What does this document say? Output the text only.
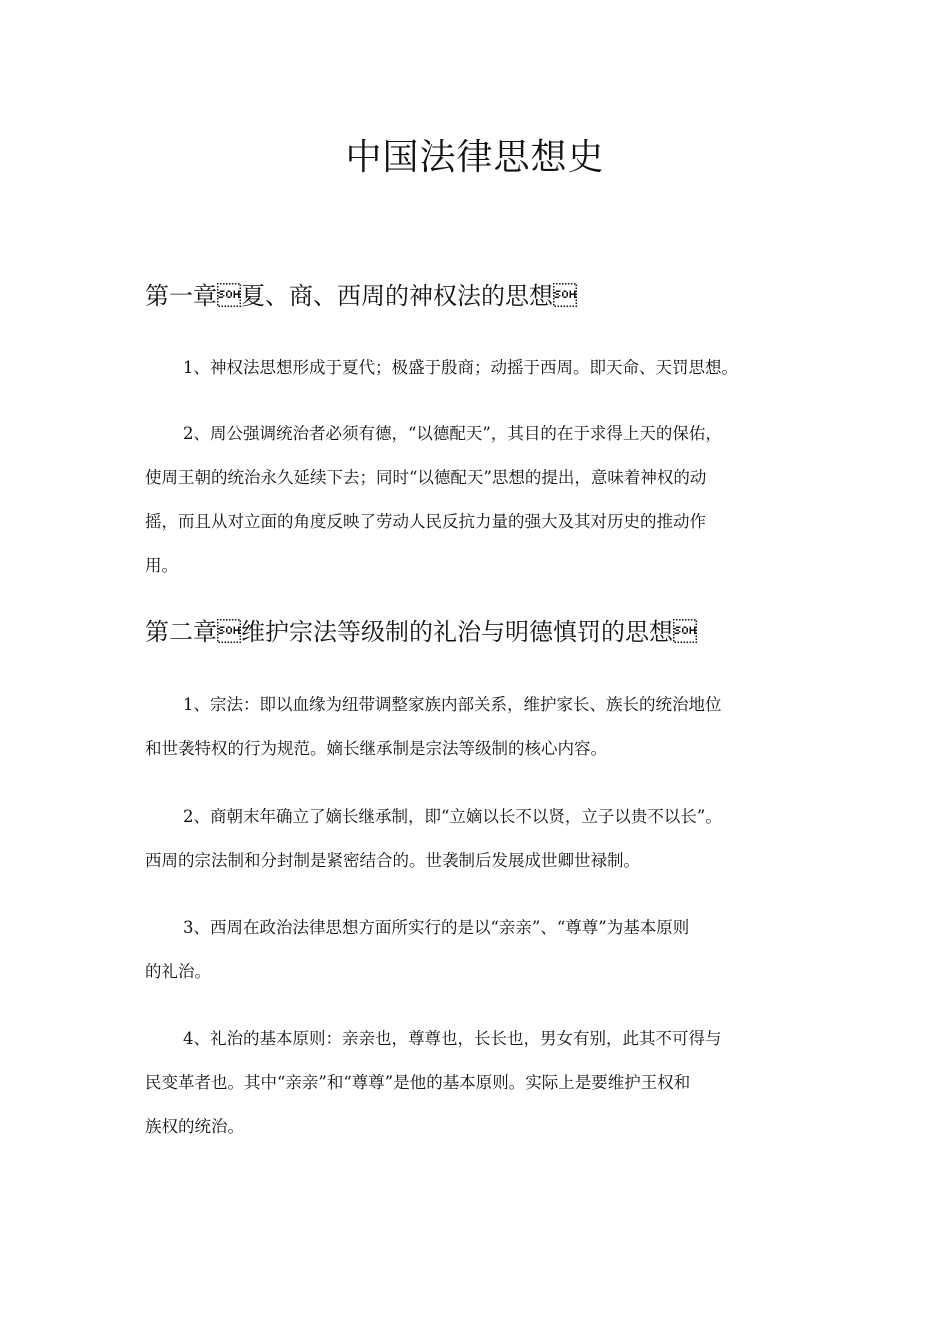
中国法律思想史
第一章夏、商、西周的神权法的思想
1、神权法思想形成于夏代；极盛于殷商；动摇于西周。即天命、天罚思想。
2、周公强调统治者必须有德，“以德配天”，其目的在于求得上天的保佑，
使周王朝的统治永久延续下去；同时“以德配天”思想的提出，意味着神权的动
摇，而且从对立面的角度反映了劳动人民反抗力量的强大及其对历史的推动作
用。
第二章维护宗法等级制的礼治与明德慎罚的思想
1、宗法：即以血缘为纽带调整家族内部关系，维护家长、族长的统治地位
和世袭特权的行为规范。嫡长继承制是宗法等级制的核心内容。
2、商朝末年确立了嫡长继承制，即“立嫡以长不以贤，立子以贵不以长”。
西周的宗法制和分封制是紧密结合的。世袭制后发展成世卿世禄制。
3、西周在政治法律思想方面所实行的是以“亲亲”、“尊尊”为基本原则
的礼治。
4、礼治的基本原则：亲亲也，尊尊也，长长也，男女有别，此其不可得与
民变革者也。其中“亲亲”和“尊尊”是他的基本原则。实际上是要维护王权和
族权的统治。
